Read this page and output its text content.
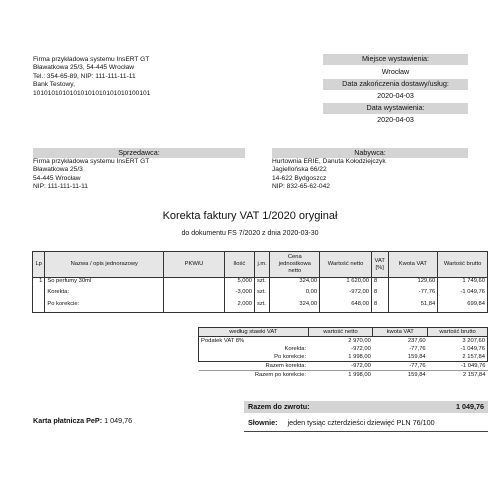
Firma przykładowa systemu InsERT GT
Bławatkowa 25/3, 54-445 Wrocław
Tel.: 354-65-89, NIP: 111-111-11-11
Bank Testowy,
10101010101010101010101010100101
Miejsce wystawienia:
Wrocław
Data zakończenia dostawy/usług:
2020-04-03
Data wystawienia:
2020-04-03
Sprzedawca:
Firma przykładowa systemu InsERT GT
Bławatkowa 25/3
54-445 Wrocław
NIP: 111-111-11-11
Nabywca:
Hurtownia ERIE, Danuta Kołodziejczyk
Jagiellońska 66/22
14-622 Bydgoszcz
NIP: 832-65-62-042
Korekta faktury VAT 1/2020 oryginał
do dokumentu FS 7/2020 z dnia 2020-03-30
Lp	Nazwa / opis jednorazowy	PKWiU	Ilość	j.m.	Cena jednostkowa netto	Wartość netto	VAT [%]	Kwota VAT	Wartość brutto
1	So perfumy 30ml		5,000	szt.	324,00	1 620,00	8	129,60	1 749,60
	Korekta:		-3,000	szt.	0,00	-972,00	8	-77,76	-1 049,76
	Po korekcie:		2,000	szt.	324,00	648,00	8	51,84	699,84
według stawki VAT	wartość netto	kwota VAT	wartość brutto
Podatek VAT 8%	2 970,00	237,60	3 207,60
Korekta:	-972,00	-77,76	-1 049,76
Po korekcie:	1 998,00	159,84	2 157,84
Razem korekta:	-972,00	-77,76	-1 049,76
Razem po korekcie:	1 998,00	159,84	2 157,84
Karta płatnicza PeP: 1 049,76
Razem do zwrotu:	1 049,76
Słownie: jeden tysiąc czterdzieści dziewięć PLN 76/100
